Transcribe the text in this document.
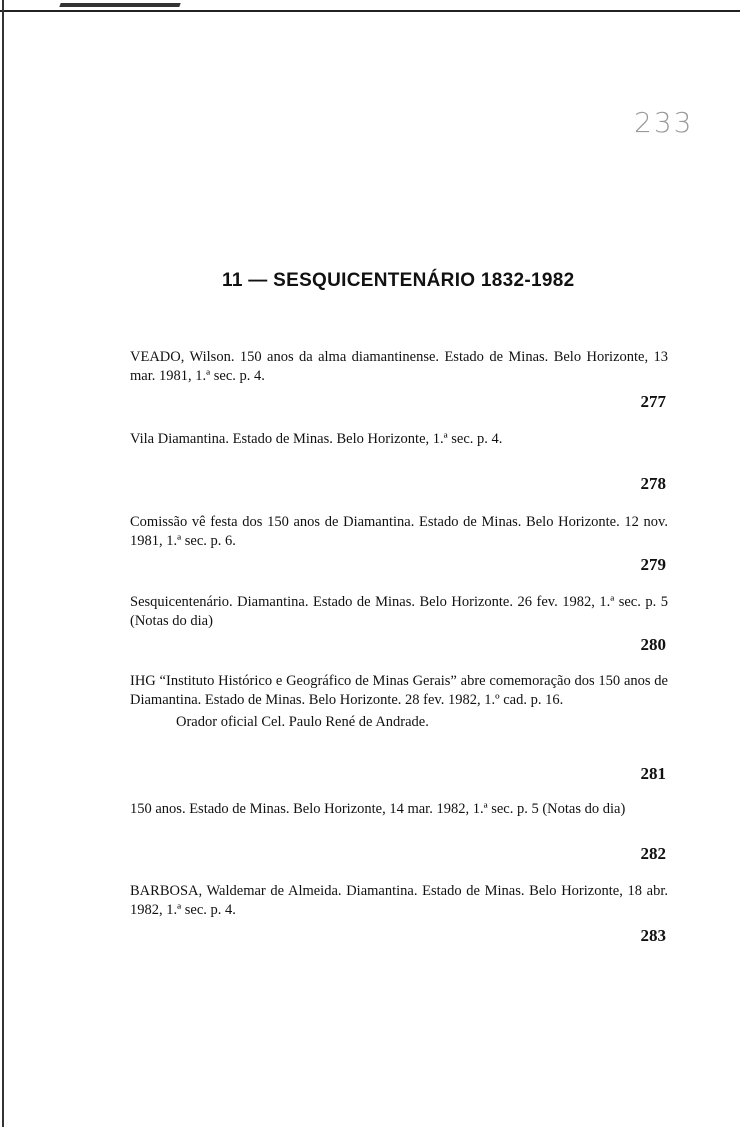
233
11 — SESQUICENTENÁRIO 1832-1982
VEADO, Wilson. 150 anos da alma diamantinense. Estado de Minas. Belo Horizonte, 13 mar. 1981, 1.ª sec. p. 4.
277
Vila Diamantina. Estado de Minas. Belo Horizonte, 1.ª sec. p. 4.
278
Comissão vê festa dos 150 anos de Diamantina. Estado de Minas. Belo Horizonte. 12 nov. 1981, 1.ª sec. p. 6.
279
Sesquicentenário. Diamantina. Estado de Minas. Belo Horizonte. 26 fev. 1982, 1.ª sec. p. 5 (Notas do dia)
280
IHG “Instituto Histórico e Geográfico de Minas Gerais” abre comemoração dos 150 anos de Diamantina. Estado de Minas. Belo Horizonte. 28 fev. 1982, 1.º cad. p. 16.
Orador oficial Cel. Paulo René de Andrade.
281
150 anos. Estado de Minas. Belo Horizonte, 14 mar. 1982, 1.ª sec. p. 5 (Notas do dia)
282
BARBOSA, Waldemar de Almeida. Diamantina. Estado de Minas. Belo Horizonte, 18 abr. 1982, 1.ª sec. p. 4.
283
